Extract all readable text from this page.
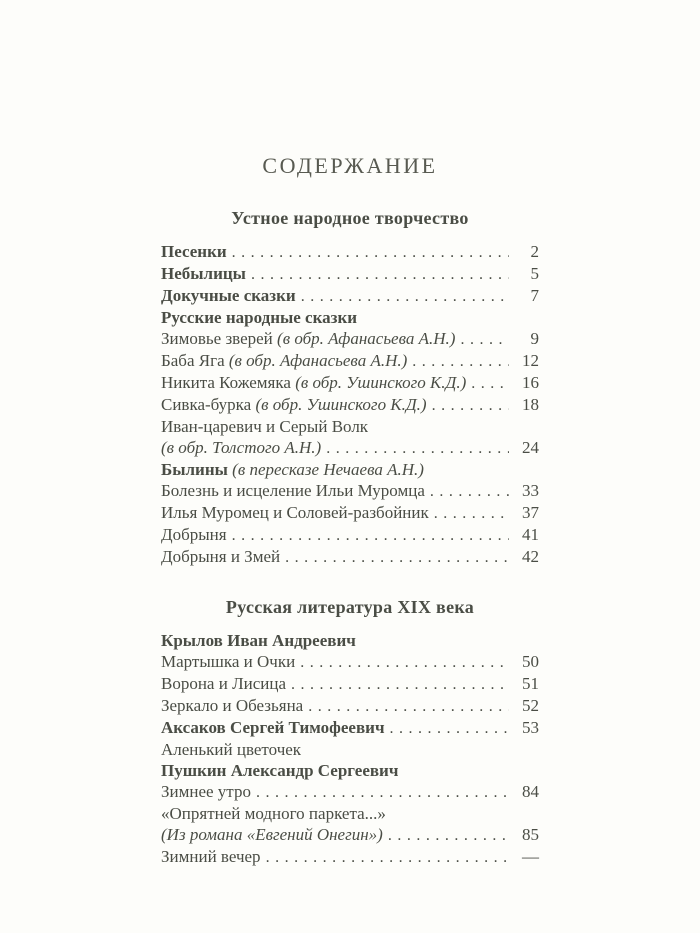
СОДЕРЖАНИЕ
Устное народное творчество
Песенки .....	2
Небылицы .....	5
Докучные сказки .....	7
Русские народные сказки
Зимовье зверей (в обр. Афанасьева А.Н.) .....	9
Баба Яга (в обр. Афанасьева А.Н.) .....	12
Никита Кожемяка (в обр. Ушинского К.Д.) .....	16
Сивка-бурка (в обр. Ушинского К.Д.) .....	18
Иван-царевич и Серый Волк
(в обр. Толстого А.Н.) .....	24
Былины (в пересказе Нечаева А.Н.)
Болезнь и исцеление Ильи Муромца .....	33
Илья Муромец и Соловей-разбойник .....	37
Добрыня .....	41
Добрыня и Змей .....	42
Русская литература XIX века
Крылов Иван Андреевич
Мартышка и Очки .....	50
Ворона и Лисица .....	51
Зеркало и Обезьяна .....	52
Аксаков Сергей Тимофеевич .....	53
Аленький цветочек
Пушкин Александр Сергеевич
Зимнее утро .....	84
«Опрятней модного паркета...»
(Из романа «Евгений Онегин») .....	85
Зимний вечер .....	—
